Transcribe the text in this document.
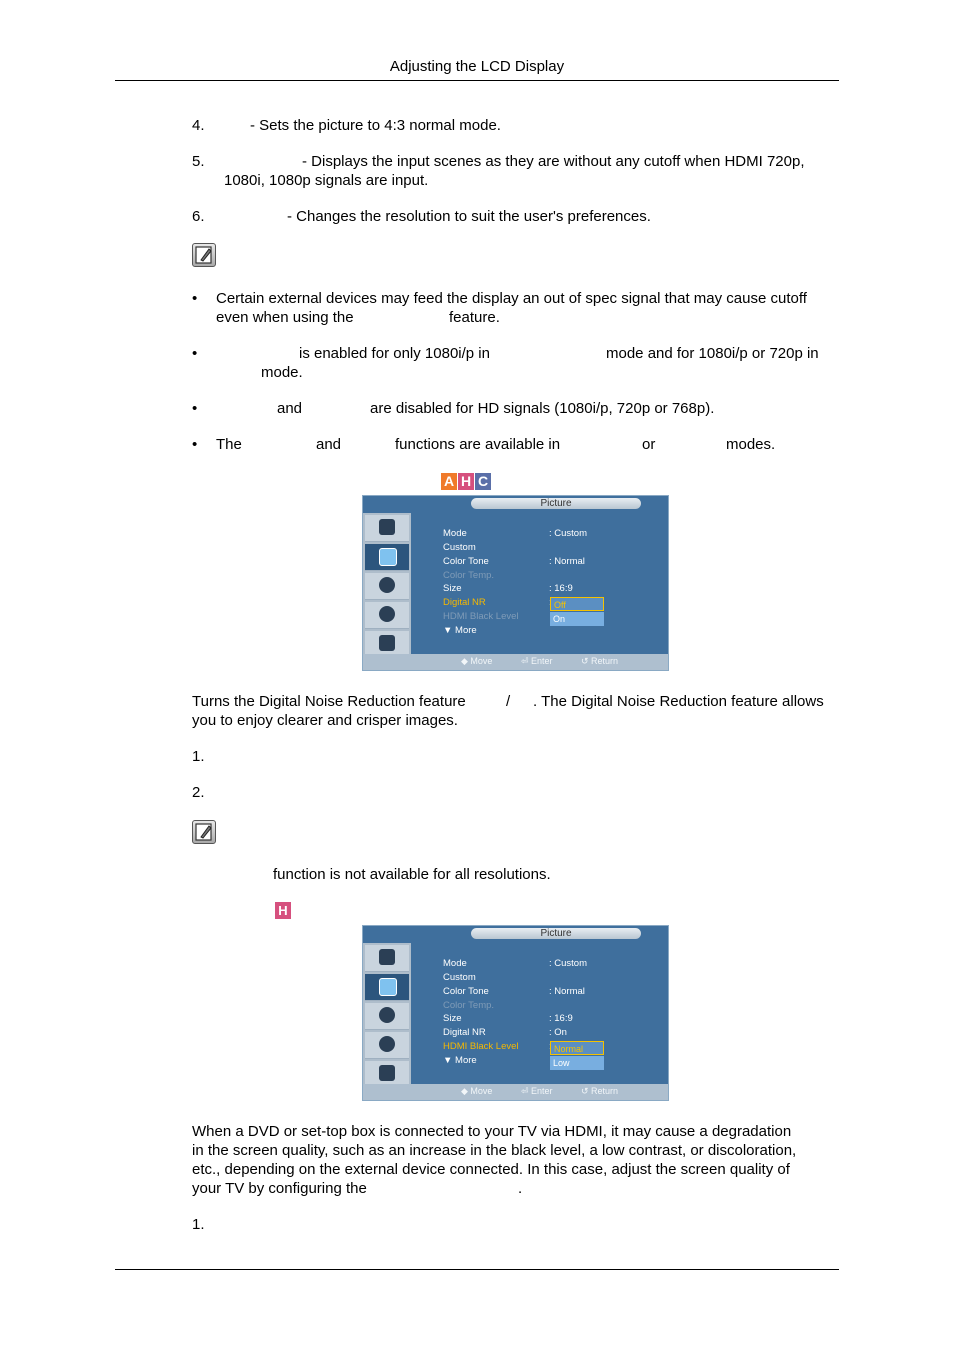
Adjusting the LCD Display
4.	- Sets the picture to 4:3 normal mode.
5.	- Displays the input scenes as they are without any cutoff when HDMI 720p,
1080i, 1080p signals are input.
6.	- Changes the resolution to suit the user's preferences.
• Certain external devices may feed the display an out of spec signal that may cause cutoff
even when using the	feature.
•	is enabled for only 1080i/p in	mode and for 1080i/p or 720p in
mode.
•	and	are disabled for HD signals (1080i/p, 720p or 768p).
• The	and	functions are available in	or	modes.
A H C
Picture
Mode	: Custom
Custom
Color Tone	: Normal
Color Temp.
Size	: 16:9
Digital NR
HDMI Black Level
▼ More
Off
On
◆ Move	⏎ Enter	↺ Return
Turns the Digital Noise Reduction feature	/ . The Digital Noise Reduction feature allows
you to enjoy clearer and crisper images.
1.
2.
function is not available for all resolutions.
H
Picture
Mode	: Custom
Custom
Color Tone	: Normal
Color Temp.
Size	: 16:9
Digital NR	: On
HDMI Black Level
▼ More
Normal
Low
◆ Move	⏎ Enter	↺ Return
When a DVD or set-top box is connected to your TV via HDMI, it may cause a degradation
in the screen quality, such as an increase in the black level, a low contrast, or discoloration,
etc., depending on the external device connected. In this case, adjust the screen quality of
your TV by configuring the	.
1.
